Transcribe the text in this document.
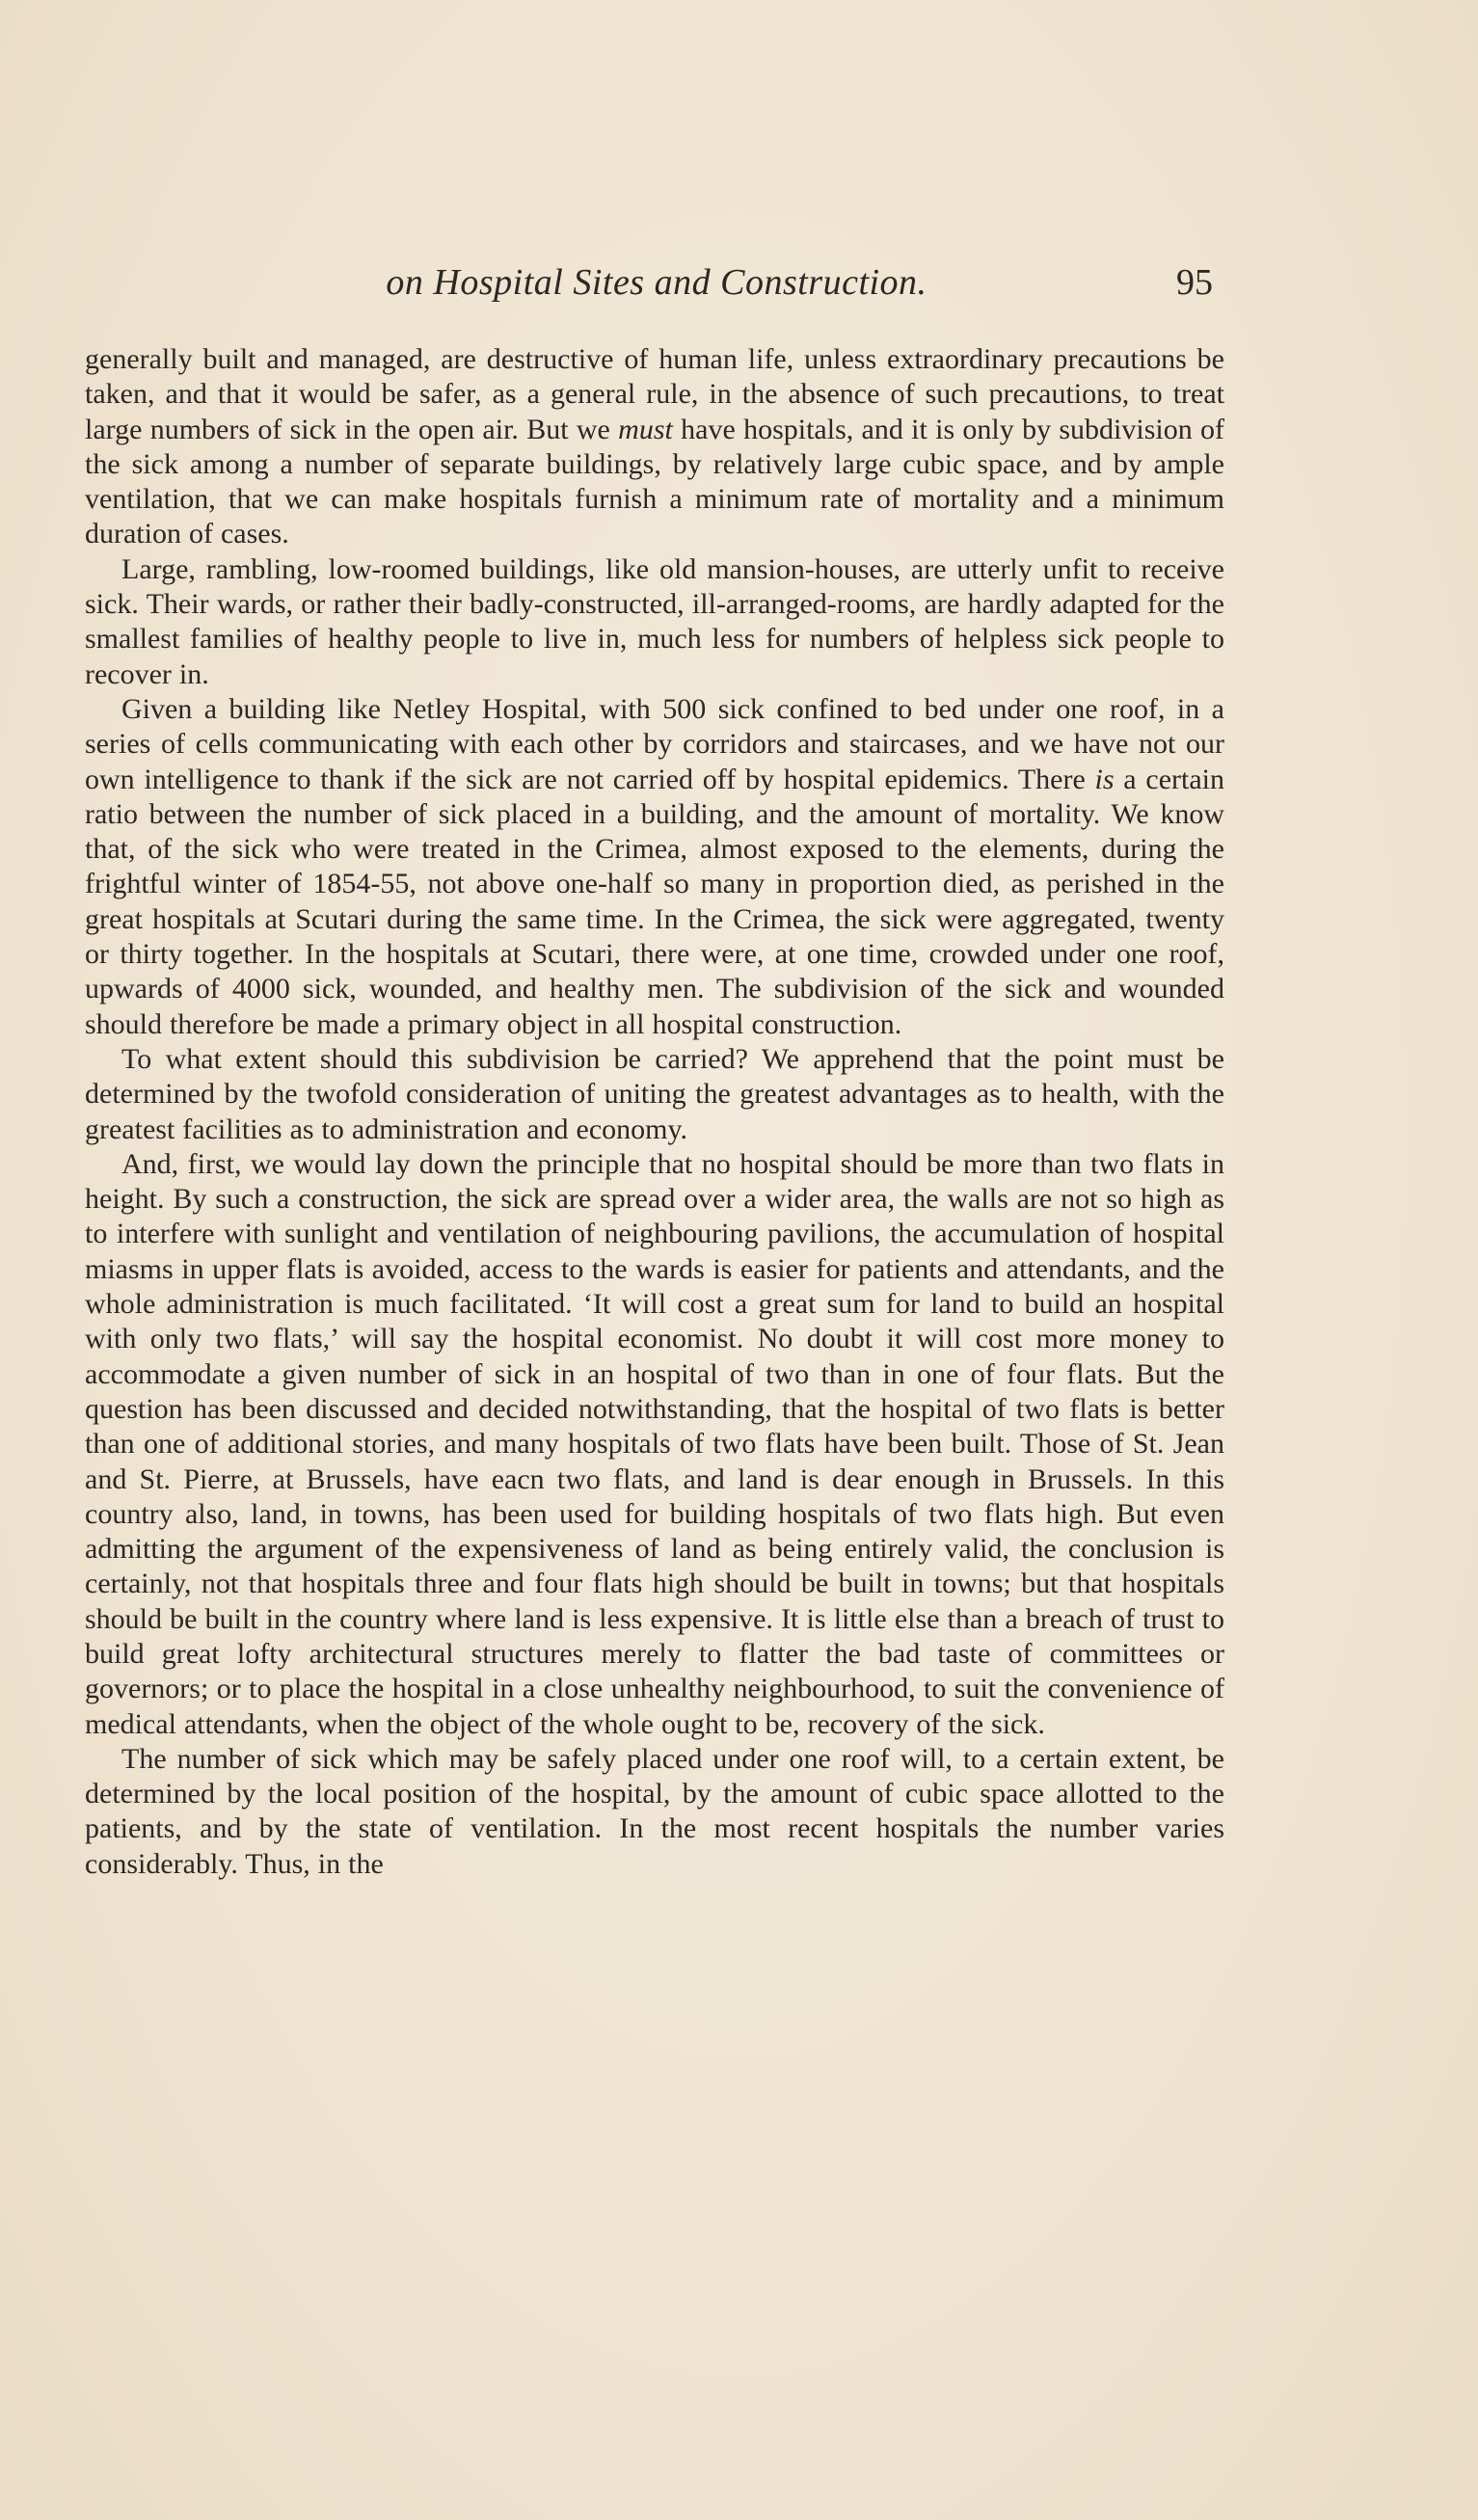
on Hospital Sites and Construction.	95

generally built and managed, are destructive of human life, unless extraordinary precautions be taken, and that it would be safer, as a general rule, in the absence of such precautions, to treat large numbers of sick in the open air. But we must have hospitals, and it is only by subdivision of the sick among a number of separate buildings, by relatively large cubic space, and by ample ventilation, that we can make hospitals furnish a minimum rate of mortality and a minimum duration of cases.

Large, rambling, low-roomed buildings, like old mansion-houses, are utterly unfit to receive sick. Their wards, or rather their badly-constructed, ill-arranged-rooms, are hardly adapted for the smallest families of healthy people to live in, much less for numbers of helpless sick people to recover in.

Given a building like Netley Hospital, with 500 sick confined to bed under one roof, in a series of cells communicating with each other by corridors and staircases, and we have not our own intelligence to thank if the sick are not carried off by hospital epidemics. There is a certain ratio between the number of sick placed in a building, and the amount of mortality. We know that, of the sick who were treated in the Crimea, almost exposed to the elements, during the frightful winter of 1854-55, not above one-half so many in proportion died, as perished in the great hospitals at Scutari during the same time. In the Crimea, the sick were aggregated, twenty or thirty together. In the hospitals at Scutari, there were, at one time, crowded under one roof, upwards of 4000 sick, wounded, and healthy men. The subdivision of the sick and wounded should therefore be made a primary object in all hospital construction.

To what extent should this subdivision be carried? We apprehend that the point must be determined by the twofold consideration of uniting the greatest advantages as to health, with the greatest facilities as to administration and economy.

And, first, we would lay down the principle that no hospital should be more than two flats in height. By such a construction, the sick are spread over a wider area, the walls are not so high as to interfere with sunlight and ventilation of neighbouring pavilions, the accumulation of hospital miasms in upper flats is avoided, access to the wards is easier for patients and attendants, and the whole administration is much facilitated. ‘It will cost a great sum for land to build an hospital with only two flats,’ will say the hospital economist. No doubt it will cost more money to accommodate a given number of sick in an hospital of two than in one of four flats. But the question has been discussed and decided notwithstanding, that the hospital of two flats is better than one of additional stories, and many hospitals of two flats have been built. Those of St. Jean and St. Pierre, at Brussels, have eacn two flats, and land is dear enough in Brussels. In this country also, land, in towns, has been used for building hospitals of two flats high. But even admitting the argument of the expensiveness of land as being entirely valid, the conclusion is certainly, not that hospitals three and four flats high should be built in towns; but that hospitals should be built in the country where land is less expensive. It is little else than a breach of trust to build great lofty architectural structures merely to flatter the bad taste of committees or governors; or to place the hospital in a close unhealthy neighbourhood, to suit the convenience of medical attendants, when the object of the whole ought to be, recovery of the sick.

The number of sick which may be safely placed under one roof will, to a certain extent, be determined by the local position of the hospital, by the amount of cubic space allotted to the patients, and by the state of ventilation. In the most recent hospitals the number varies considerably. Thus, in the
